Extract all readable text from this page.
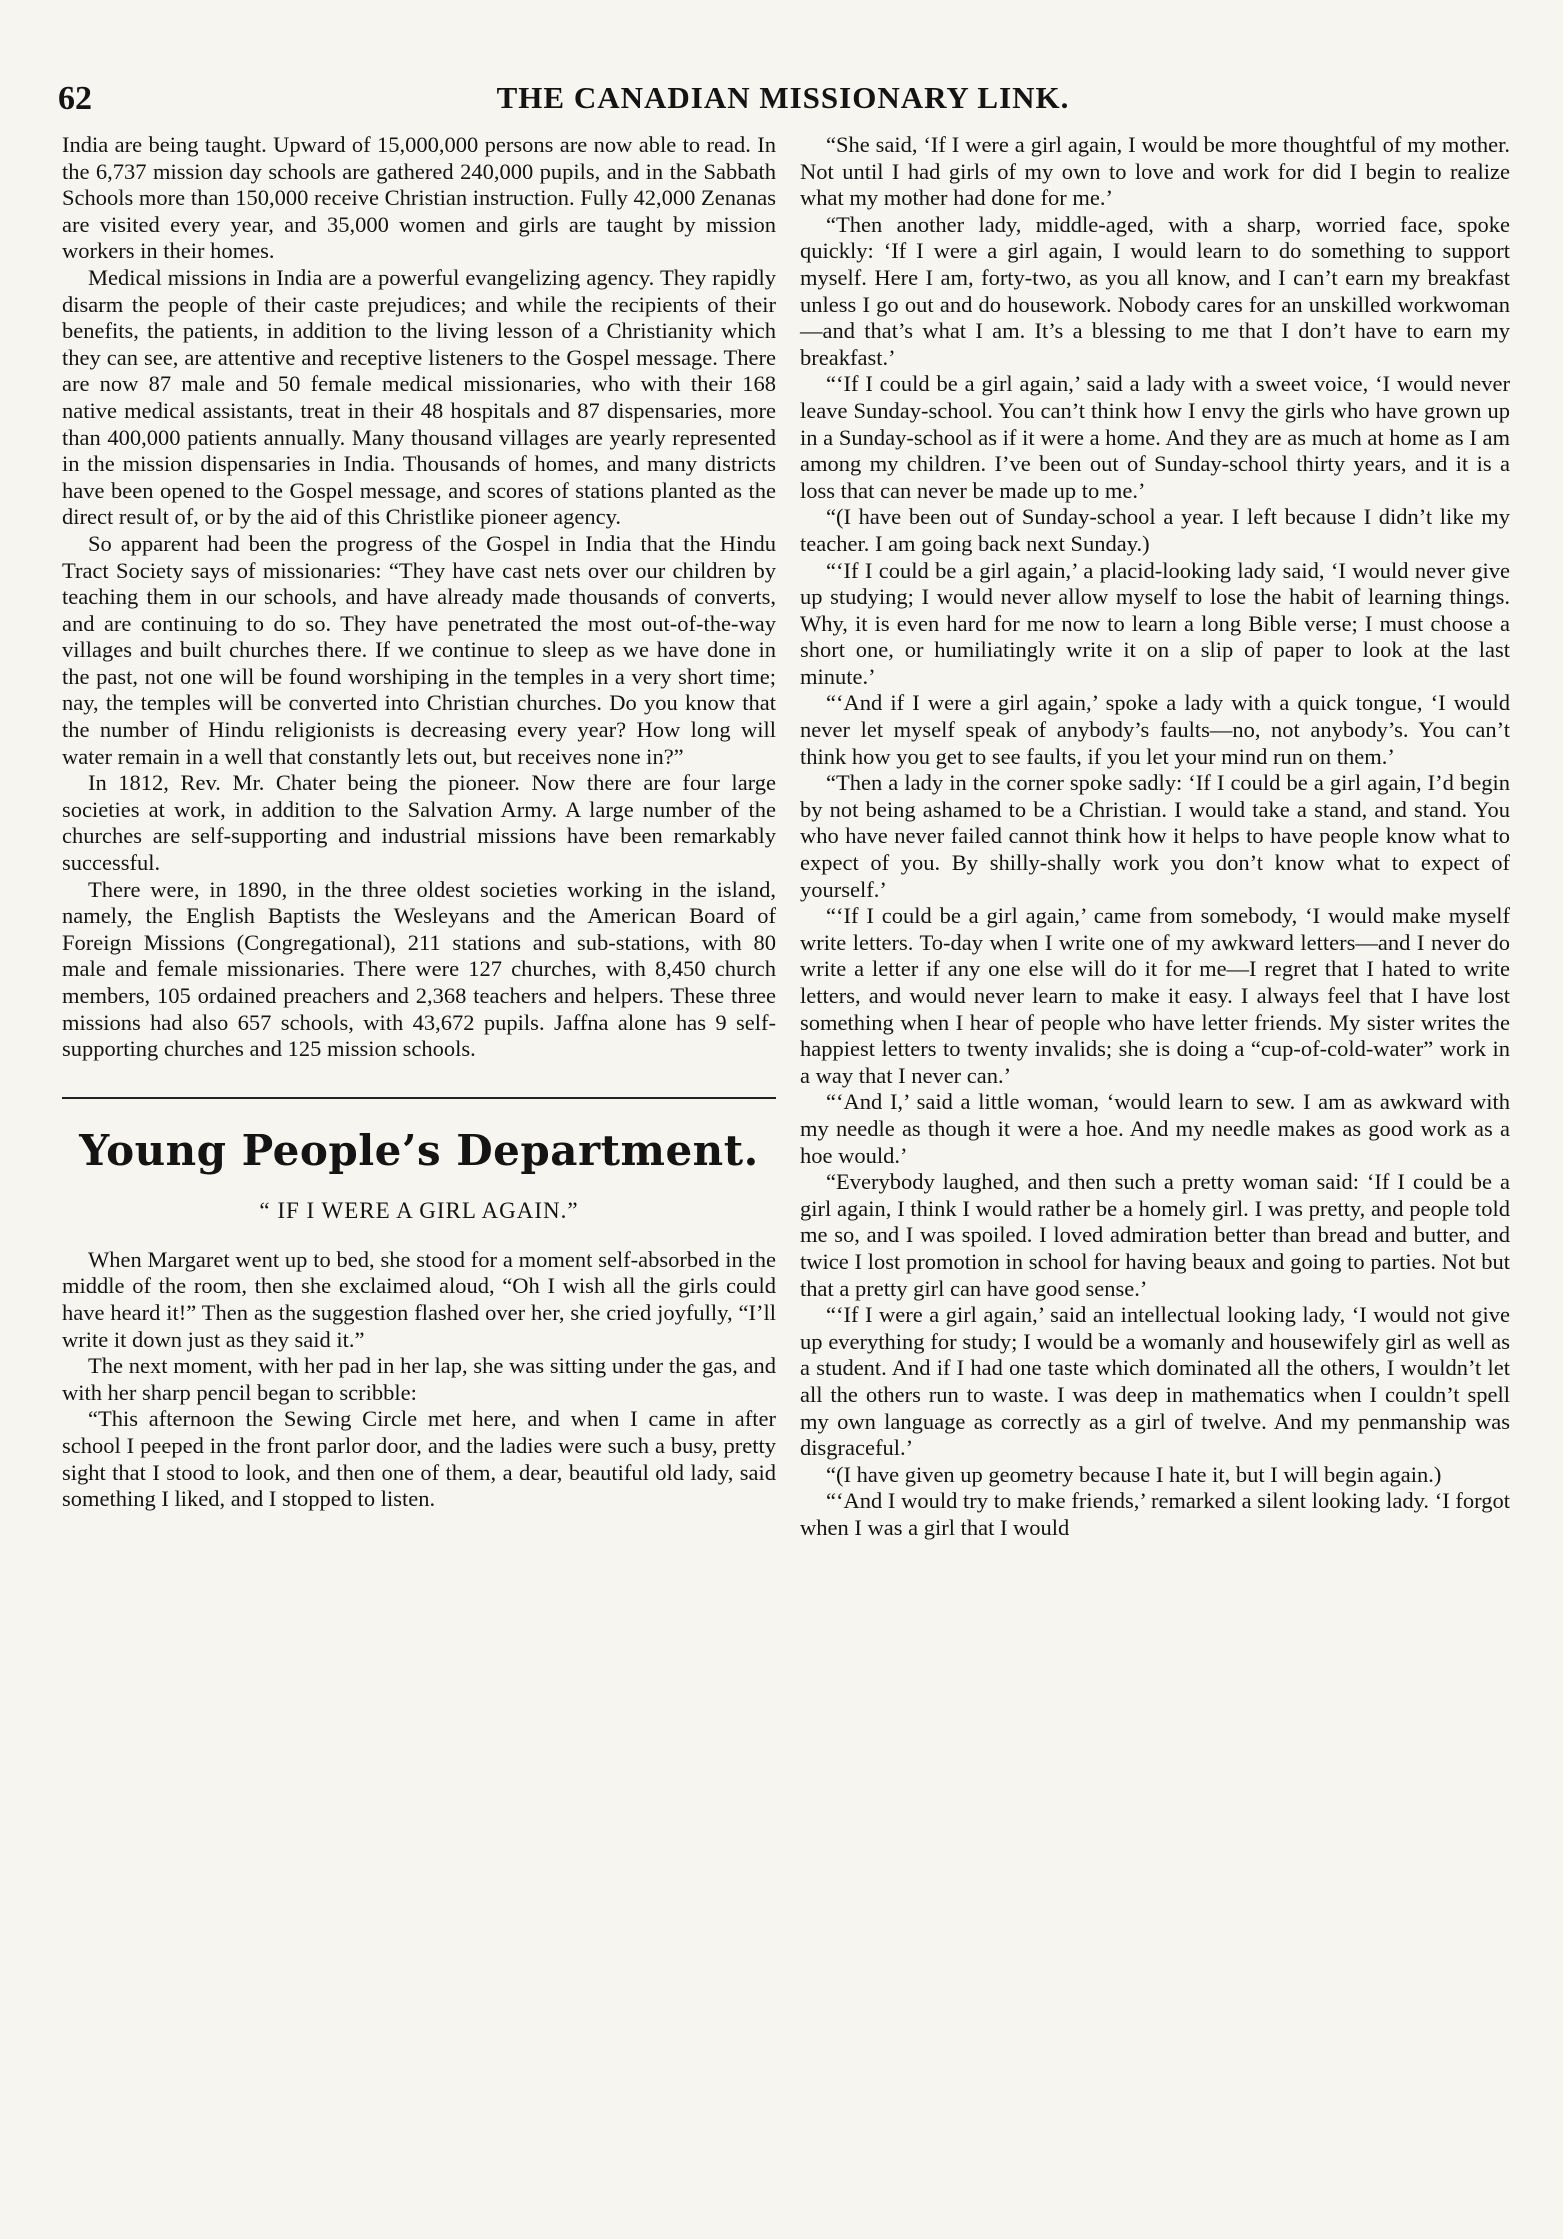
62	THE CANADIAN MISSIONARY LINK.

India are being taught. Upward of 15,000,000 persons are now able to read. In the 6,737 mission day schools are gathered 240,000 pupils, and in the Sabbath Schools more than 150,000 receive Christian instruction. Fully 42,000 Zenanas are visited every year, and 35,000 women and girls are taught by mission workers in their homes.

Medical missions in India are a powerful evangelizing agency. They rapidly disarm the people of their caste prejudices; and while the recipients of their benefits, the patients, in addition to the living lesson of a Christianity which they can see, are attentive and receptive listeners to the Gospel message. There are now 87 male and 50 female medical missionaries, who with their 168 native medical assistants, treat in their 48 hospitals and 87 dispensaries, more than 400,000 patients annually. Many thousand villages are yearly represented in the mission dispensaries in India. Thousands of homes, and many districts have been opened to the Gospel message, and scores of stations planted as the direct result of, or by the aid of this Christlike pioneer agency.

So apparent had been the progress of the Gospel in India that the Hindu Tract Society says of missionaries: “They have cast nets over our children by teaching them in our schools, and have already made thousands of converts, and are continuing to do so. They have penetrated the most out-of-the-way villages and built churches there. If we continue to sleep as we have done in the past, not one will be found worshiping in the temples in a very short time; nay, the temples will be converted into Christian churches. Do you know that the number of Hindu religionists is decreasing every year? How long will water remain in a well that constantly lets out, but receives none in?”

In 1812, Rev. Mr. Chater being the pioneer. Now there are four large societies at work, in addition to the Salvation Army. A large number of the churches are self-supporting and industrial missions have been remarkably successful.

There were, in 1890, in the three oldest societies working in the island, namely, the English Baptists the Wesleyans and the American Board of Foreign Missions (Congregational), 211 stations and sub-stations, with 80 male and female missionaries. There were 127 churches, with 8,450 church members, 105 ordained preachers and 2,368 teachers and helpers. These three missions had also 657 schools, with 43,672 pupils. Jaffna alone has 9 self-supporting churches and 125 mission schools.

Young People’s Department.
“ IF I WERE A GIRL AGAIN.”

When Margaret went up to bed, she stood for a moment self-absorbed in the middle of the room, then she exclaimed aloud, “Oh I wish all the girls could have heard it!” Then as the suggestion flashed over her, she cried joyfully, “I’ll write it down just as they said it.”

The next moment, with her pad in her lap, she was sitting under the gas, and with her sharp pencil began to scribble:

“This afternoon the Sewing Circle met here, and when I came in after school I peeped in the front parlor door, and the ladies were such a busy, pretty sight that I stood to look, and then one of them, a dear, beautiful old lady, said something I liked, and I stopped to listen.

“She said, ‘If I were a girl again, I would be more thoughtful of my mother. Not until I had girls of my own to love and work for did I begin to realize what my mother had done for me.’

“Then another lady, middle-aged, with a sharp, worried face, spoke quickly: ‘If I were a girl again, I would learn to do something to support myself. Here I am, forty-two, as you all know, and I can’t earn my breakfast unless I go out and do housework. Nobody cares for an unskilled workwoman—and that’s what I am. It’s a blessing to me that I don’t have to earn my breakfast.’

“‘If I could be a girl again,’ said a lady with a sweet voice, ‘I would never leave Sunday-school. You can’t think how I envy the girls who have grown up in a Sunday-school as if it were a home. And they are as much at home as I am among my children. I’ve been out of Sunday-school thirty years, and it is a loss that can never be made up to me.’

“(I have been out of Sunday-school a year. I left because I didn’t like my teacher. I am going back next Sunday.)

“‘If I could be a girl again,’ a placid-looking lady said, ‘I would never give up studying; I would never allow myself to lose the habit of learning things. Why, it is even hard for me now to learn a long Bible verse; I must choose a short one, or humiliatingly write it on a slip of paper to look at the last minute.’

“‘And if I were a girl again,’ spoke a lady with a quick tongue, ‘I would never let myself speak of anybody’s faults—no, not anybody’s. You can’t think how you get to see faults, if you let your mind run on them.’

“Then a lady in the corner spoke sadly: ‘If I could be a girl again, I’d begin by not being ashamed to be a Christian. I would take a stand, and stand. You who have never failed cannot think how it helps to have people know what to expect of you. By shilly-shally work you don’t know what to expect of yourself.’

“‘If I could be a girl again,’ came from somebody, ‘I would make myself write letters. To-day when I write one of my awkward letters—and I never do write a letter if any one else will do it for me—I regret that I hated to write letters, and would never learn to make it easy. I always feel that I have lost something when I hear of people who have letter friends. My sister writes the happiest letters to twenty invalids; she is doing a “cup-of-cold-water” work in a way that I never can.’

“‘And I,’ said a little woman, ‘would learn to sew. I am as awkward with my needle as though it were a hoe. And my needle makes as good work as a hoe would.’

“Everybody laughed, and then such a pretty woman said: ‘If I could be a girl again, I think I would rather be a homely girl. I was pretty, and people told me so, and I was spoiled. I loved admiration better than bread and butter, and twice I lost promotion in school for having beaux and going to parties. Not but that a pretty girl can have good sense.’

“‘If I were a girl again,’ said an intellectual looking lady, ‘I would not give up everything for study; I would be a womanly and housewifely girl as well as a student. And if I had one taste which dominated all the others, I wouldn’t let all the others run to waste. I was deep in mathematics when I couldn’t spell my own language as correctly as a girl of twelve. And my penmanship was disgraceful.’

“(I have given up geometry because I hate it, but I will begin again.)

“‘And I would try to make friends,’ remarked a silent looking lady. ‘I forgot when I was a girl that I would
